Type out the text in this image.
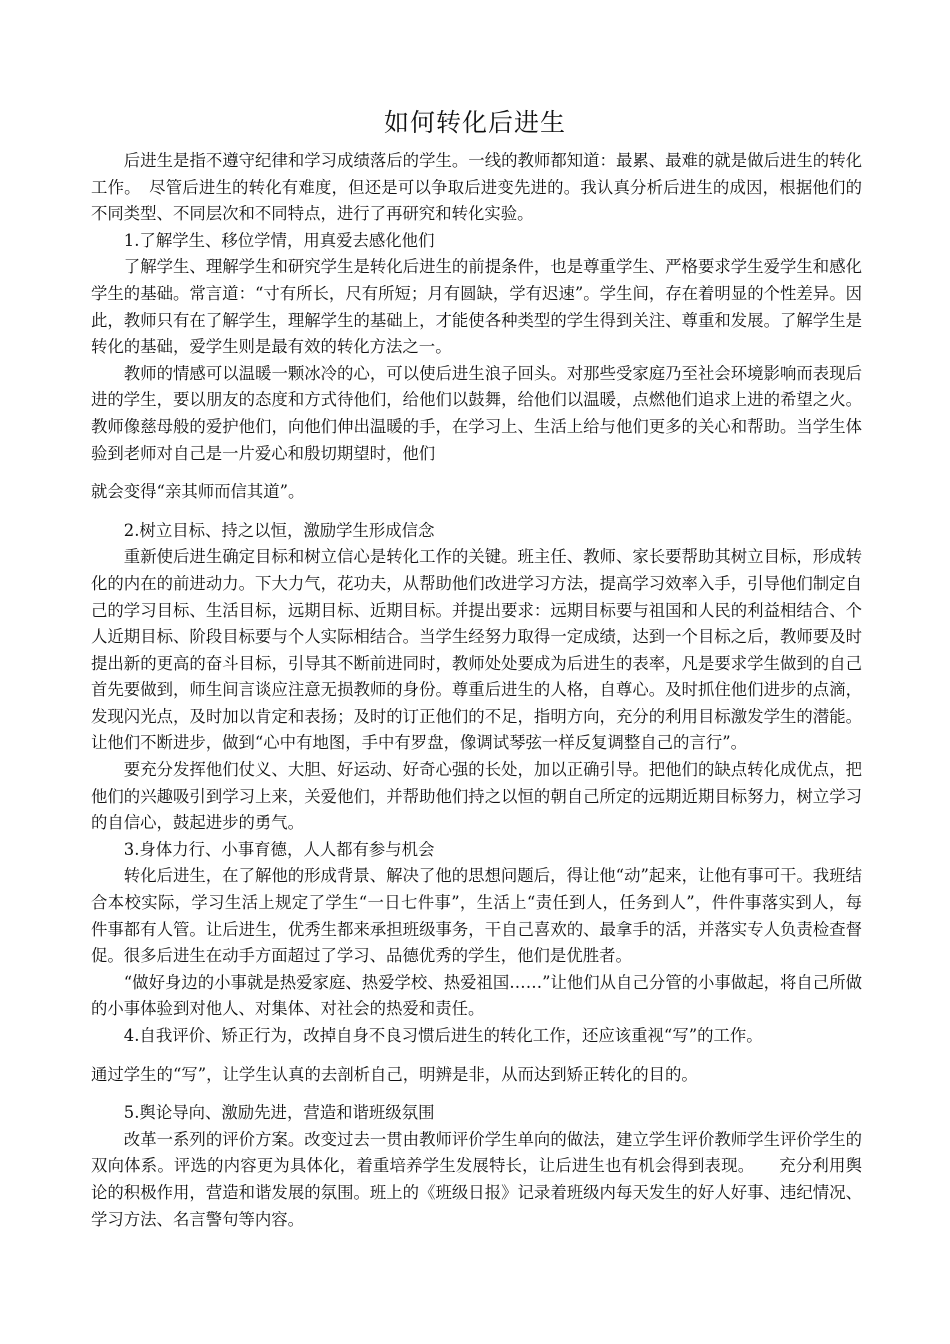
如何转化后进生

后进生是指不遵守纪律和学习成绩落后的学生。一线的教师都知道：最累、最难的就是做后进生的转化工作。　尽管后进生的转化有难度，但还是可以争取后进变先进的。我认真分析后进生的成因，根据他们的不同类型、不同层次和不同特点，进行了再研究和转化实验。

1.了解学生、移位学情，用真爱去感化他们

了解学生、理解学生和研究学生是转化后进生的前提条件，也是尊重学生、严格要求学生爱学生和感化学生的基础。常言道：“寸有所长，尺有所短；月有圆缺，学有迟速”。学生间，存在着明显的个性差异。因此，教师只有在了解学生，理解学生的基础上，才能使各种类型的学生得到关注、尊重和发展。了解学生是转化的基础，爱学生则是最有效的转化方法之一。

教师的情感可以温暖一颗冰冷的心，可以使后进生浪子回头。对那些受家庭乃至社会环境影响而表现后进的学生，要以朋友的态度和方式待他们，给他们以鼓舞，给他们以温暖，点燃他们追求上进的希望之火。教师像慈母般的爱护他们，向他们伸出温暖的手，在学习上、生活上给与他们更多的关心和帮助。当学生体验到老师对自己是一片爱心和殷切期望时，他们

就会变得“亲其师而信其道”。

2.树立目标、持之以恒，激励学生形成信念

重新使后进生确定目标和树立信心是转化工作的关键。班主任、教师、家长要帮助其树立目标，形成转化的内在的前进动力。下大力气，花功夫，从帮助他们改进学习方法，提高学习效率入手，引导他们制定自己的学习目标、生活目标，远期目标、近期目标。并提出要求：远期目标要与祖国和人民的利益相结合、个人近期目标、阶段目标要与个人实际相结合。当学生经努力取得一定成绩，达到一个目标之后，教师要及时提出新的更高的奋斗目标，引导其不断前进同时，教师处处要成为后进生的表率，凡是要求学生做到的自己首先要做到，师生间言谈应注意无损教师的身份。尊重后进生的人格，自尊心。及时抓住他们进步的点滴，发现闪光点，及时加以肯定和表扬；及时的订正他们的不足，指明方向，充分的利用目标激发学生的潜能。让他们不断进步，做到“心中有地图，手中有罗盘，像调试琴弦一样反复调整自己的言行”。

要充分发挥他们仗义、大胆、好运动、好奇心强的长处，加以正确引导。把他们的缺点转化成优点，把他们的兴趣吸引到学习上来，关爱他们，并帮助他们持之以恒的朝自己所定的远期近期目标努力，树立学习的自信心，鼓起进步的勇气。

3.身体力行、小事育德，人人都有参与机会

转化后进生，在了解他的形成背景、解决了他的思想问题后，得让他“动”起来，让他有事可干。我班结合本校实际，学习生活上规定了学生“一日七件事”，生活上“责任到人，任务到人”，件件事落实到人，每件事都有人管。让后进生，优秀生都来承担班级事务，干自己喜欢的、最拿手的活，并落实专人负责检查督促。很多后进生在动手方面超过了学习、品德优秀的学生，他们是优胜者。

“做好身边的小事就是热爱家庭、热爱学校、热爱祖国……”让他们从自己分管的小事做起，将自己所做的小事体验到对他人、对集体、对社会的热爱和责任。

4.自我评价、矫正行为，改掉自身不良习惯后进生的转化工作，还应该重视“写”的工作。

通过学生的“写”，让学生认真的去剖析自己，明辨是非，从而达到矫正转化的目的。

5.舆论导向、激励先进，营造和谐班级氛围

改革一系列的评价方案。改变过去一贯由教师评价学生单向的做法，建立学生评价教师学生评价学生的双向体系。评选的内容更为具体化，着重培养学生发展特长，让后进生也有机会得到表现。　　充分利用舆论的积极作用，营造和谐发展的氛围。班上的《班级日报》记录着班级内每天发生的好人好事、违纪情况、学习方法、名言警句等内容。
